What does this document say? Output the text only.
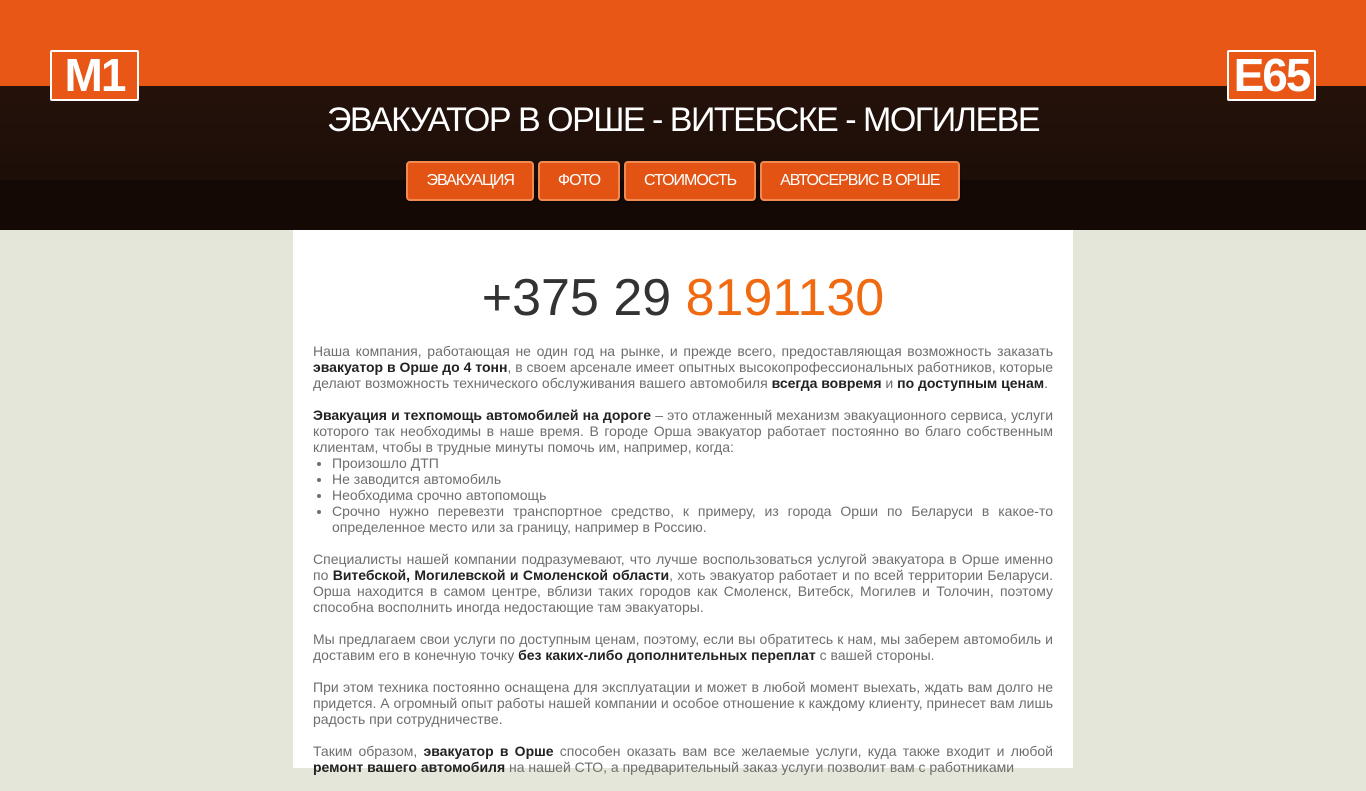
М1	Е65
ЭВАКУАТОР В ОРШЕ - ВИТЕБСКЕ - МОГИЛЕВЕ
ЭВАКУАЦИЯ	ФОТО	СТОИМОСТЬ	АВТОСЕРВИС В ОРШЕ
+375 29 8191130

Наша компания, работающая не один год на рынке, и прежде всего, предоставляющая возможность заказать эвакуатор в Орше до 4 тонн, в своем арсенале имеет опытных высокопрофессиональных работников, которые делают возможность технического обслуживания вашего автомобиля всегда вовремя и по доступным ценам.

Эвакуация и техпомощь автомобилей на дороге – это отлаженный механизм эвакуационного сервиса, услуги которого так необходимы в наше время. В городе Орша эвакуатор работает постоянно во благо собственным клиентам, чтобы в трудные минуты помочь им, например, когда:
• Произошло ДТП
• Не заводится автомобиль
• Необходима срочно автопомощь
• Срочно нужно перевезти транспортное средство, к примеру, из города Орши по Беларуси в какое-то определенное место или за границу, например в Россию.

Специалисты нашей компании подразумевают, что лучше воспользоваться услугой эвакуатора в Орше именно по Витебской, Могилевской и Смоленской области, хоть эвакуатор работает и по всей территории Беларуси. Орша находится в самом центре, вблизи таких городов как Смоленск, Витебск, Могилев и Толочин, поэтому способна восполнить иногда недостающие там эвакуаторы.

Мы предлагаем свои услуги по доступным ценам, поэтому, если вы обратитесь к нам, мы заберем автомобиль и доставим его в конечную точку без каких-либо дополнительных переплат с вашей стороны.

При этом техника постоянно оснащена для эксплуатации и может в любой момент выехать, ждать вам долго не придется. А огромный опыт работы нашей компании и особое отношение к каждому клиенту, принесет вам лишь радость при сотрудничестве.

Таким образом, эвакуатор в Орше способен оказать вам все желаемые услуги, куда также входит и любой ремонт вашего автомобиля на нашей СТО, а предварительный заказ услуги позволит вам с работниками
